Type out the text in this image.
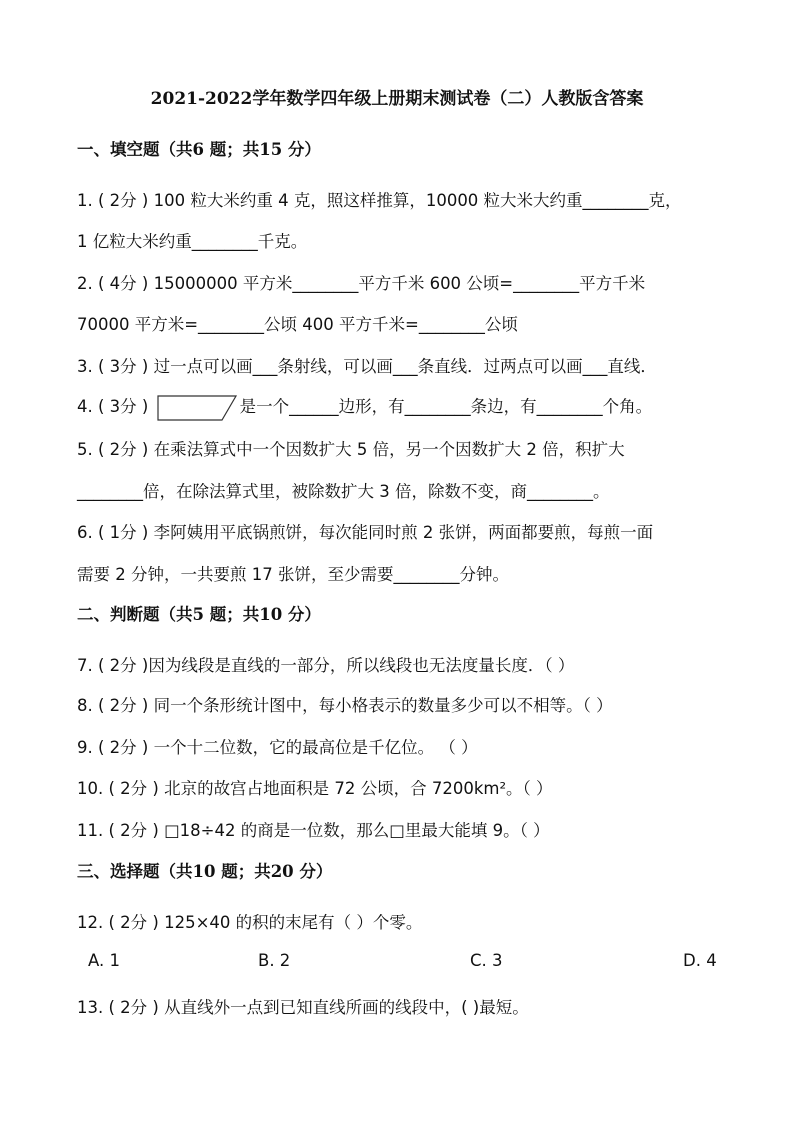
2021-2022学年数学四年级上册期末测试卷（二）人教版含答案
一、填空题（共6 题；共15 分）
1. ( 2分 ) 100 粒大米约重 4 克，照这样推算，10000 粒大米大约重________克，
1 亿粒大米约重________千克。
2. ( 4分 ) 15000000 平方米________平方千米 600 公顷=________平方千米
70000 平方米=________公顷 400 平方千米=________公顷
3. ( 3分 ) 过一点可以画___条射线，可以画___条直线．过两点可以画___直线．
4. ( 3分 )	是一个______边形，有________条边，有________个角。
5. ( 2分 ) 在乘法算式中一个因数扩大 5 倍，另一个因数扩大 2 倍，积扩大
________倍，在除法算式里，被除数扩大 3 倍，除数不变，商________。
6. ( 1分 ) 李阿姨用平底锅煎饼，每次能同时煎 2 张饼，两面都要煎，每煎一面
需要 2 分钟，一共要煎 17 张饼，至少需要________分钟。
二、判断题（共5 题；共10 分）
7. ( 2分 )因为线段是直线的一部分，所以线段也无法度量长度．（ ）
8. ( 2分 ) 同一个条形统计图中，每小格表示的数量多少可以不相等。（ ）
9. ( 2分 ) 一个十二位数，它的最高位是千亿位。 （ ）
10. ( 2分 ) 北京的故宫占地面积是 72 公顷，合 7200km²。（ ）
11. ( 2分 ) □18÷42 的商是一位数，那么□里最大能填 9。（ ）
三、选择题（共10 题；共20 分）
12. ( 2分 ) 125×40 的积的末尾有（ ）个零。
A. 1	B. 2	C. 3	D. 4
13. ( 2分 ) 从直线外一点到已知直线所画的线段中，( )最短。
